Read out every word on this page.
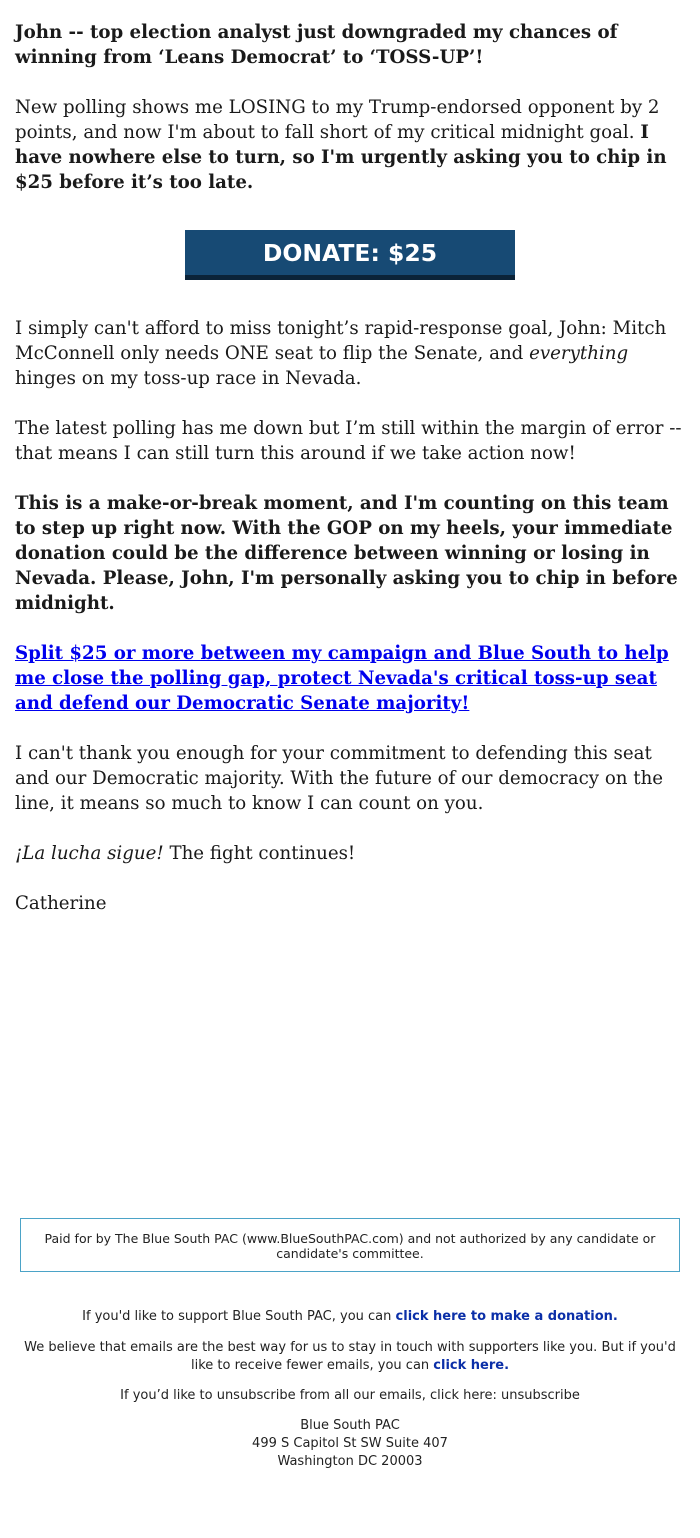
John -- top election analyst just downgraded my chances of winning from ‘Leans Democrat’ to ‘TOSS-UP’!

New polling shows me LOSING to my Trump-endorsed opponent by 2 points, and now I'm about to fall short of my critical midnight goal. I have nowhere else to turn, so I'm urgently asking you to chip in $25 before it’s too late.

DONATE: $25

I simply can't afford to miss tonight’s rapid-response goal, John: Mitch McConnell only needs ONE seat to flip the Senate, and everything hinges on my toss-up race in Nevada.

The latest polling has me down but I’m still within the margin of error -- that means I can still turn this around if we take action now!

This is a make-or-break moment, and I'm counting on this team to step up right now. With the GOP on my heels, your immediate donation could be the difference between winning or losing in Nevada. Please, John, I'm personally asking you to chip in before midnight.

Split $25 or more between my campaign and Blue South to help me close the polling gap, protect Nevada's critical toss-up seat and defend our Democratic Senate majority!

I can't thank you enough for your commitment to defending this seat and our Democratic majority. With the future of our democracy on the line, it means so much to know I can count on you.

¡La lucha sigue! The fight continues!

Catherine

Paid for by The Blue South PAC (www.BlueSouthPAC.com) and not authorized by any candidate or candidate's committee.
If you'd like to support Blue South PAC, you can click here to make a donation.
We believe that emails are the best way for us to stay in touch with supporters like you. But if you'd like to receive fewer emails, you can click here.
If you’d like to unsubscribe from all our emails, click here: unsubscribe
Blue South PAC
499 S Capitol St SW Suite 407
Washington DC 20003
